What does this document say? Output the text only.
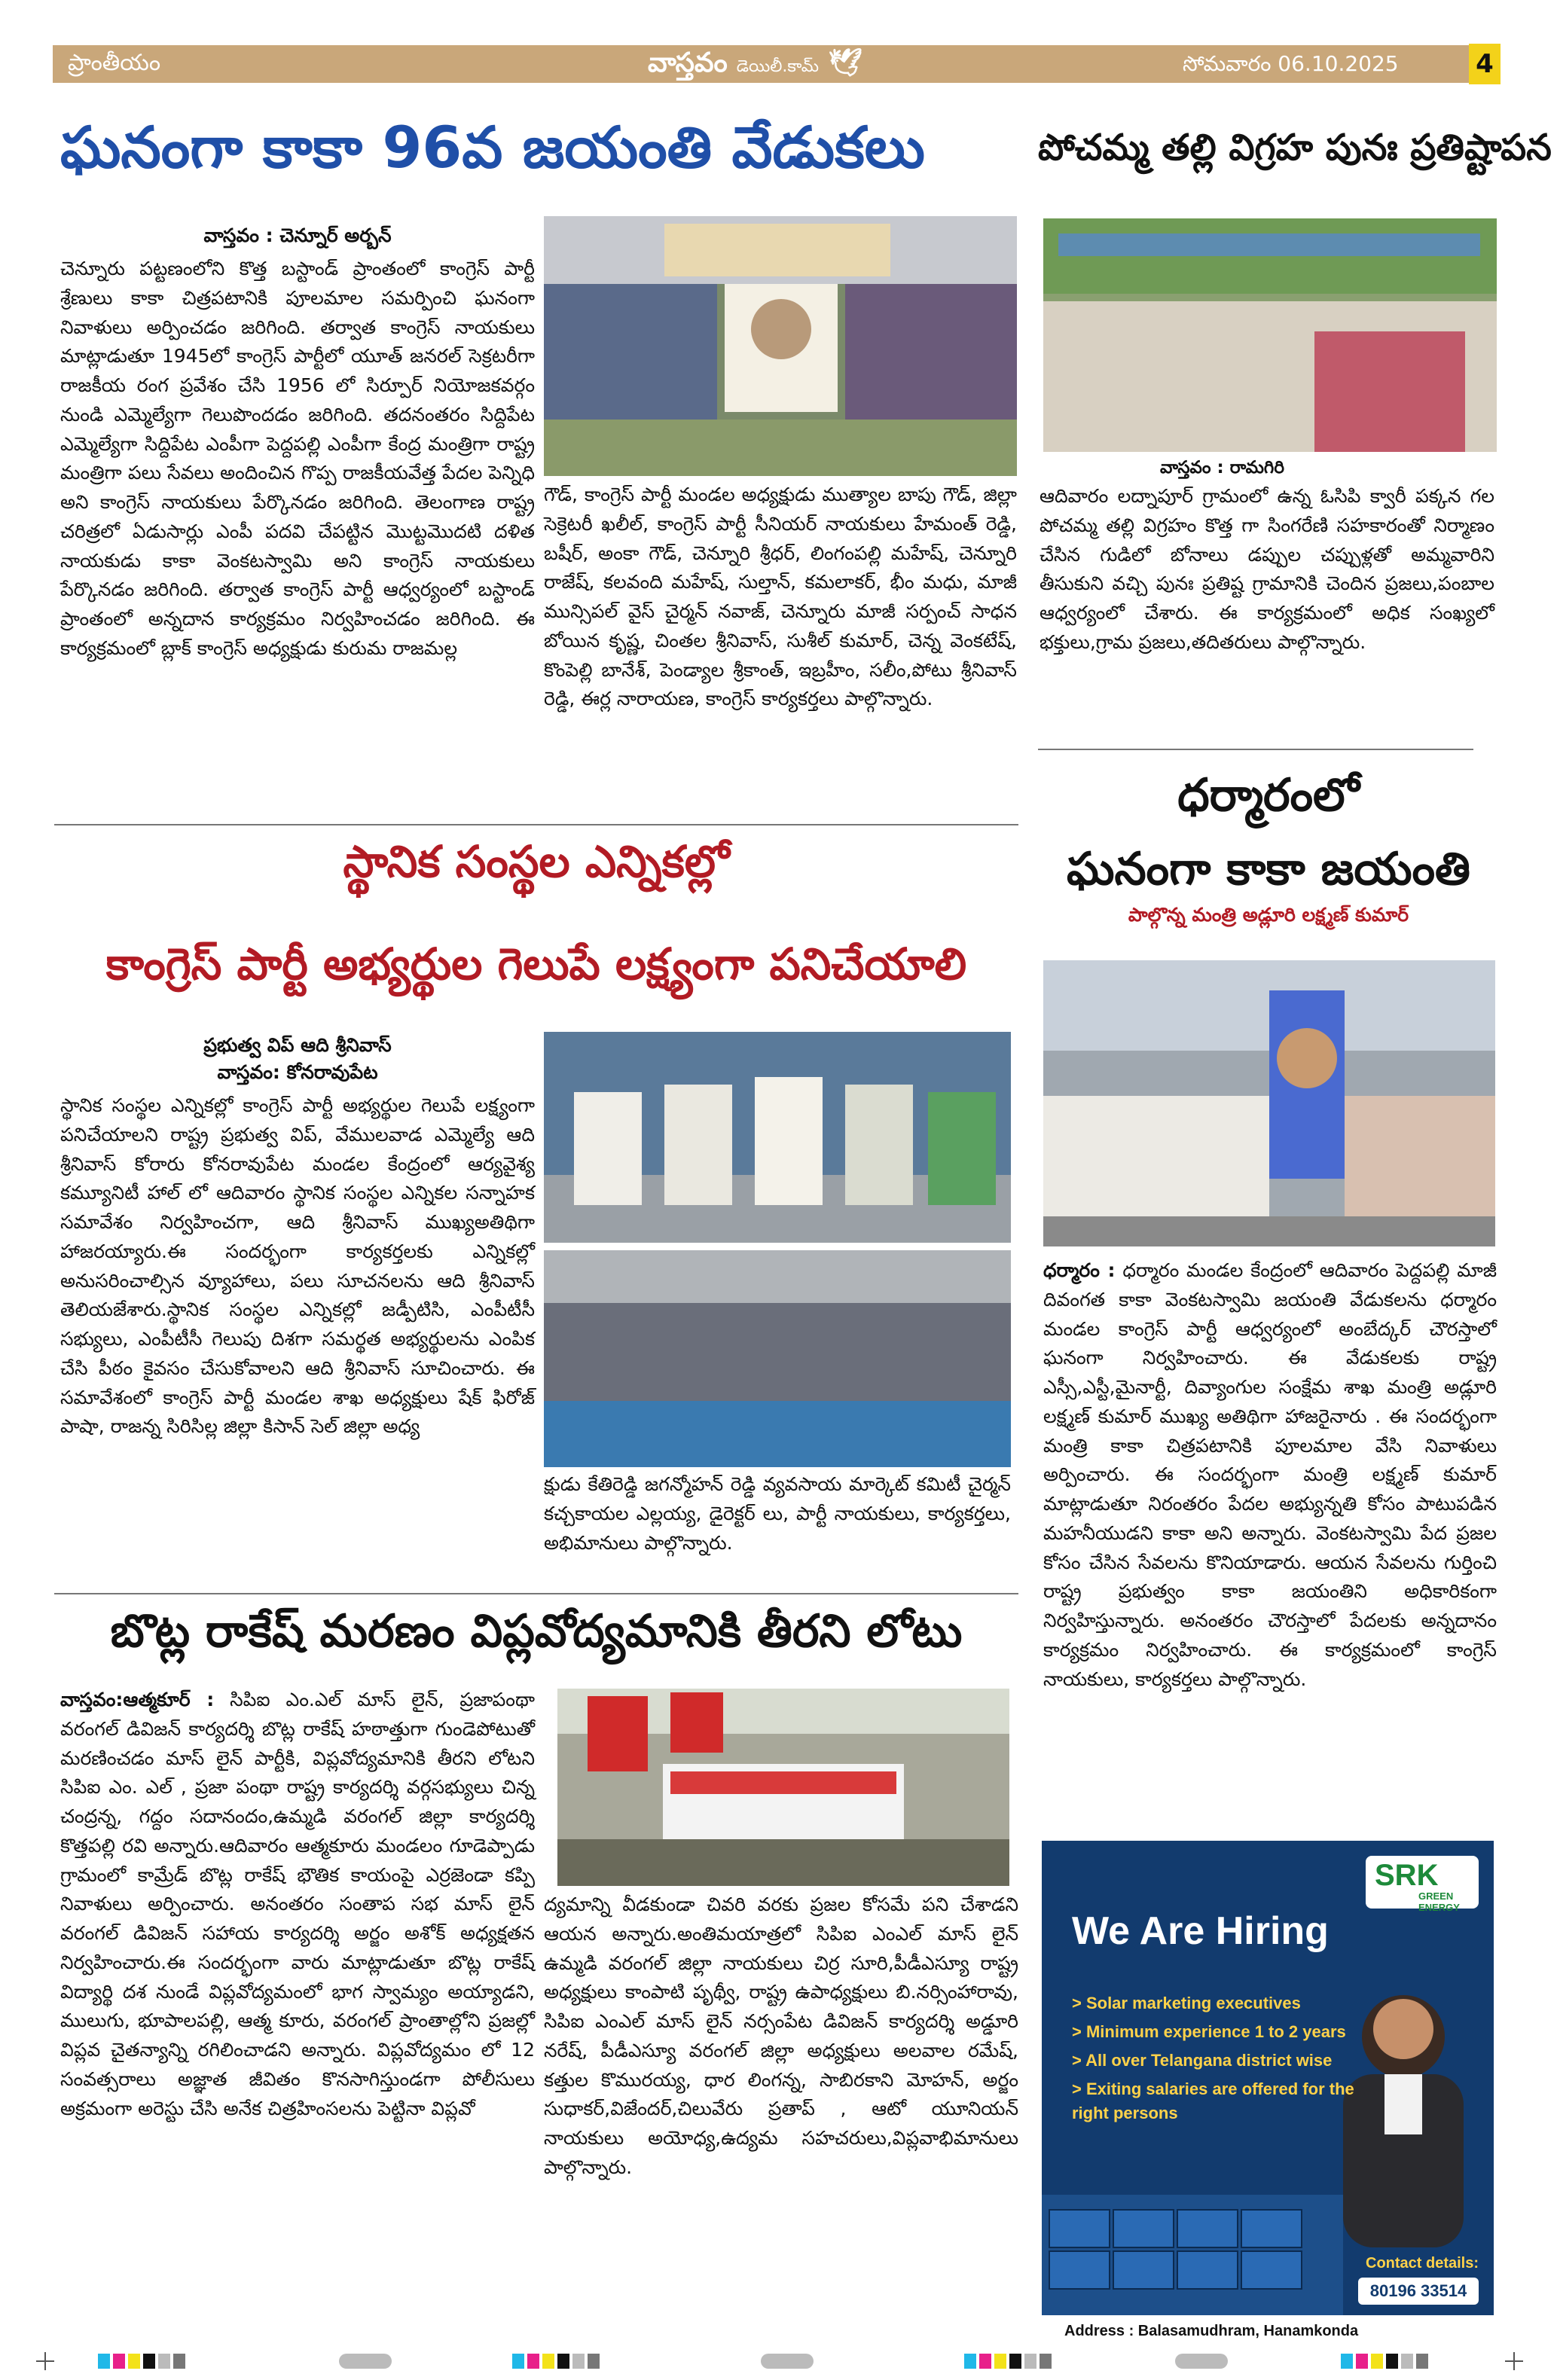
ప్రాంతీయం	వాస్తవం డెయిలీ.కామ్ 🕊	సోమవారం 06.10.2025	4
ఘనంగా కాకా 96వ జయంతి వేడుకలు
వాస్తవం : చెన్నూర్ అర్బన్
చెన్నూరు పట్టణంలోని కొత్త బస్టాండ్ ప్రాంతంలో కాంగ్రెస్ పార్టీ శ్రేణులు కాకా చిత్రపటానికి పూలమాల సమర్పించి ఘనంగా నివాళులు అర్పించడం జరిగింది. తర్వాత కాంగ్రెస్ నాయకులు మాట్లాడుతూ 1945లో కాంగ్రెస్ పార్టీలో యూత్ జనరల్ సెక్రటరీగా రాజకీయ రంగ ప్రవేశం చేసి 1956 లో సిర్పూర్ నియోజకవర్గం నుండి ఎమ్మెల్యేగా గెలుపొందడం జరిగింది. తదనంతరం సిద్దిపేట ఎమ్మెల్యేగా సిద్దిపేట ఎంపీగా పెద్దపల్లి ఎంపీగా కేంద్ర మంత్రిగా రాష్ట్ర మంత్రిగా పలు సేవలు అందించిన గొప్ప రాజకీయవేత్త పేదల పెన్నిధి అని కాంగ్రెస్ నాయకులు పేర్కొనడం జరిగింది. తెలంగాణ రాష్ట్ర చరిత్రలో ఏడుసార్లు ఎంపీ పదవి చేపట్టిన మొట్టమొదటి దళిత నాయకుడు కాకా వెంకటస్వామి అని కాంగ్రెస్ నాయకులు పేర్కొనడం జరిగింది. తర్వాత కాంగ్రెస్ పార్టీ ఆధ్వర్యంలో బస్టాండ్ ప్రాంతంలో అన్నదాన కార్యక్రమం నిర్వహించడం జరిగింది. ఈ కార్యక్రమంలో బ్లాక్ కాంగ్రెస్ అధ్యక్షుడు కురుమ రాజమల్ల
గౌడ్, కాంగ్రెస్ పార్టీ మండల అధ్యక్షుడు ముత్యాల బాపు గౌడ్, జిల్లా సెక్రెటరీ ఖలీల్, కాంగ్రెస్ పార్టీ సీనియర్ నాయకులు హేమంత్ రెడ్డి, బషీర్, అంకా గౌడ్, చెన్నూరి శ్రీధర్, లింగంపల్లి మహేష్, చెన్నూరి రాజేష్, కలవంది మహేష్, సుల్తాన్, కమలాకర్, భీం మధు, మాజీ మున్సిపల్ వైస్ చైర్మన్ నవాజ్, చెన్నూరు మాజీ సర్పంచ్ సాధన బోయిన కృష్ణ, చింతల శ్రీనివాస్, సుశీల్ కుమార్, చెన్న వెంకటేష్, కొంపెల్లి బానేశ్, పెండ్యాల శ్రీకాంత్, ఇబ్రహీం, సలీం,పోటు శ్రీనివాస్ రెడ్డి, ఈర్ల నారాయణ, కాంగ్రెస్ కార్యకర్తలు పాల్గొన్నారు.
పోచమ్మ తల్లి విగ్రహ పునః ప్రతిష్టాపన
వాస్తవం : రామగిరి
ఆదివారం లద్నాపూర్ గ్రామంలో ఉన్న ఓసిపి క్వారీ పక్కన గల పోచమ్మ తల్లి విగ్రహం కొత్త గా సింగరేణి సహకారంతో నిర్మాణం చేసిన గుడిలో బోనాలు డప్పుల చప్పుళ్లతో అమ్మవారిని తీసుకుని వచ్చి పునః ప్రతిష్ట గ్రామానికి చెందిన ప్రజలు,పంబాల ఆధ్వర్యంలో చేశారు. ఈ కార్యక్రమంలో అధిక సంఖ్యలో భక్తులు,గ్రామ ప్రజలు,తదితరులు పాల్గొన్నారు.
స్థానిక సంస్థల ఎన్నికల్లో
కాంగ్రెస్ పార్టీ అభ్యర్థుల గెలుపే లక్ష్యంగా పనిచేయాలి
ప్రభుత్వ విప్ ఆది శ్రీనివాస్
వాస్తవం: కోనరావుపేట
స్థానిక సంస్థల ఎన్నికల్లో కాంగ్రెస్ పార్టీ అభ్యర్థుల గెలుపే లక్ష్యంగా పనిచేయాలని రాష్ట్ర ప్రభుత్వ విప్, వేములవాడ ఎమ్మెల్యే ఆది శ్రీనివాస్ కోరారు కోనరావుపేట మండల కేంద్రంలో ఆర్యవైశ్య కమ్యూనిటీ హాల్ లో ఆదివారం స్థానిక సంస్థల ఎన్నికల సన్నాహక సమావేశం నిర్వహించగా, ఆది శ్రీనివాస్ ముఖ్యఅతిథిగా హాజరయ్యారు.ఈ సందర్భంగా కార్యకర్తలకు ఎన్నికల్లో అనుసరించాల్సిన వ్యూహాలు, పలు సూచనలను ఆది శ్రీనివాస్ తెలియజేశారు.స్థానిక సంస్థల ఎన్నికల్లో జడ్పీటిసి, ఎంపీటీసీ సభ్యులు, ఎంపీటీసీ గెలుపు దిశగా సమర్థత అభ్యర్థులను ఎంపిక చేసి పీఠం కైవసం చేసుకోవాలని ఆది శ్రీనివాస్ సూచించారు. ఈ సమావేశంలో కాంగ్రెస్ పార్టీ మండల శాఖ అధ్యక్షులు షేక్ ఫిరోజ్ పాషా, రాజన్న సిరిసిల్ల జిల్లా కిసాన్ సెల్ జిల్లా అధ్య
క్షుడు కేతిరెడ్డి జగన్మోహన్ రెడ్డి వ్యవసాయ మార్కెట్ కమిటీ చైర్మన్ కచ్చకాయల ఎల్లయ్య, డైరెక్టర్ లు, పార్టీ నాయకులు, కార్యకర్తలు, అభిమానులు పాల్గొన్నారు.
ధర్మారంలో
ఘనంగా కాకా జయంతి
పాల్గొన్న మంత్రి అడ్లూరి లక్ష్మణ్ కుమార్
ధర్మారం : ధర్మారం మండల కేంద్రంలో ఆదివారం పెద్దపల్లి మాజీ దివంగత కాకా వెంకటస్వామి జయంతి వేడుకలను ధర్మారం మండల కాంగ్రెస్ పార్టీ ఆధ్వర్యంలో అంబేద్కర్ చౌరస్తాలో ఘనంగా నిర్వహించారు. ఈ వేడుకలకు రాష్ట్ర ఎస్సీ,ఎస్టీ,మైనార్టీ, దివ్యాంగుల సంక్షేమ శాఖ మంత్రి అడ్లూరి లక్ష్మణ్ కుమార్ ముఖ్య అతిథిగా హాజరైనారు . ఈ సందర్భంగా మంత్రి కాకా చిత్రపటానికి పూలమాల వేసి నివాళులు అర్పించారు. ఈ సందర్భంగా మంత్రి లక్ష్మణ్ కుమార్ మాట్లాడుతూ నిరంతరం పేదల అభ్యున్నతి కోసం పాటుపడిన మహనీయుడని కాకా అని అన్నారు. వెంకటస్వామి పేద ప్రజల కోసం చేసిన సేవలను కొనియాడారు. ఆయన సేవలను గుర్తించి రాష్ట్ర ప్రభుత్వం కాకా జయంతిని అధికారికంగా నిర్వహిస్తున్నారు. అనంతరం చౌరస్తాలో పేదలకు అన్నదానం కార్యక్రమం నిర్వహించారు. ఈ కార్యక్రమంలో కాంగ్రెస్ నాయకులు, కార్యకర్తలు పాల్గొన్నారు.
బొట్ల రాకేష్ మరణం విప్లవోద్యమానికి తీరని లోటు
వాస్తవం:ఆత్మకూర్ : సిపిఐ ఎం.ఎల్ మాస్ లైన్, ప్రజాపంథా వరంగల్ డివిజన్ కార్యదర్శి బొట్ల రాకేష్ హఠాత్తుగా గుండెపోటుతో మరణించడం మాస్ లైన్ పార్టీకి, విప్లవోద్యమానికి తీరని లోటని సిపిఐ ఎం. ఎల్ , ప్రజా పంథా రాష్ట్ర కార్యదర్శి వర్గసభ్యులు చిన్న చంద్రన్న, గద్దం సదానందం,ఉమ్మడి వరంగల్ జిల్లా కార్యదర్శి కొత్తపల్లి రవి అన్నారు.ఆదివారం ఆత్మకూరు మండలం గూడెప్పాడు గ్రామంలో కామ్రేడ్ బొట్ల రాకేష్ భౌతిక కాయంపై ఎర్రజెండా కప్పి నివాళులు అర్పించారు. అనంతరం సంతాప సభ మాస్ లైన్ వరంగల్ డివిజన్ సహాయ కార్యదర్శి అర్జం అశోక్ అధ్యక్షతన నిర్వహించారు.ఈ సందర్భంగా వారు మాట్లాడుతూ బొట్ల రాకేష్ విద్యార్థి దశ నుండే విప్లవోద్యమంలో భాగ స్వామ్యం అయ్యాడని, ములుగు, భూపాలపల్లి, ఆత్మ కూరు, వరంగల్ ప్రాంతాల్లోని ప్రజల్లో విప్లవ చైతన్యాన్ని రగిలించాడని అన్నారు. విప్లవోద్యమం లో 12 సంవత్సరాలు అజ్ఞాత జీవితం కొనసాగిస్తుండగా పోలీసులు అక్రమంగా అరెస్టు చేసి అనేక చిత్రహింసలను పెట్టినా విప్లవో
ద్యమాన్ని వీడకుండా చివరి వరకు ప్రజల కోసమే పని చేశాడని ఆయన అన్నారు.అంతిమయాత్రలో సిపిఐ ఎంఎల్ మాస్ లైన్ ఉమ్మడి వరంగల్ జిల్లా నాయకులు చిర్ర సూరి,పీడీఎస్యూ రాష్ట్ర అధ్యక్షులు కాంపాటి పృథ్వీ, రాష్ట్ర ఉపాధ్యక్షులు బి.నర్సింహారావు, సిపిఐ ఎంఎల్ మాస్ లైన్ నర్సంపేట డివిజన్ కార్యదర్శి అడ్డూరి నరేష్, పీడీఎస్యూ వరంగల్ జిల్లా అధ్యక్షులు అలవాల రమేష్, కత్తుల కొమురయ్య, ధార లింగన్న, సాబిరకాని మోహన్, అర్జం సుధాకర్,విజేందర్,చిలువేరు ప్రతాప్ , ఆటో యూనియన్ నాయకులు అయోధ్య,ఉద్యమ సహచరులు,విప్లవాభిమానులు పాల్గొన్నారు.
SRK
GREEN ENERGY
We Are Hiring
> Solar marketing executives
> Minimum experience 1 to 2 years
> All over Telangana district wise
> Exiting salaries are offered for the right persons
Contact details:
80196 33514
Address : Balasamudhram, Hanamkonda
